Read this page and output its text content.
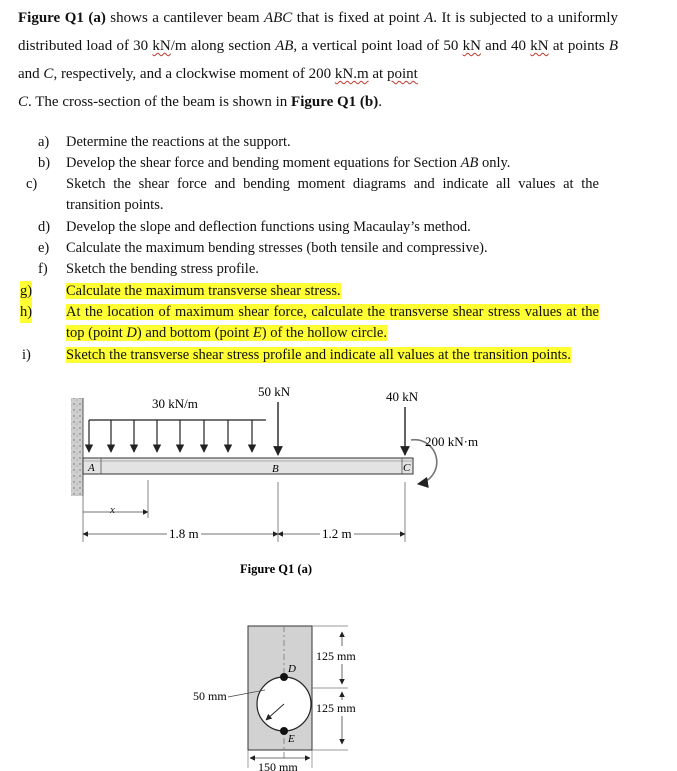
Figure Q1 (a) shows a cantilever beam ABC that is fixed at point A. It is subjected to a uniformly distributed load of 30 kN/m along section AB, a vertical point load of 50 kN and 40 kN at points B and C, respectively, and a clockwise moment of 200 kN.m at point
C. The cross-section of the beam is shown in Figure Q1 (b).
a) Determine the reactions at the support.
b) Develop the shear force and bending moment equations for Section AB only.
c) Sketch the shear force and bending moment diagrams and indicate all values at the transition points.
d) Develop the slope and deflection functions using Macaulay’s method.
e) Calculate the maximum bending stresses (both tensile and compressive).
f) Sketch the bending stress profile.
g) Calculate the maximum transverse shear stress.
h) At the location of maximum shear force, calculate the transverse shear stress values at the top (point D) and bottom (point E) of the hollow circle.
i) Sketch the transverse shear stress profile and indicate all values at the transition points.
A	B	C
30 kN/m
50 kN	40 kN
200 kN·m
x
1.8 m	1.2 m
Figure Q1 (a)
D
E
50 mm
125 mm
125 mm
150 mm
